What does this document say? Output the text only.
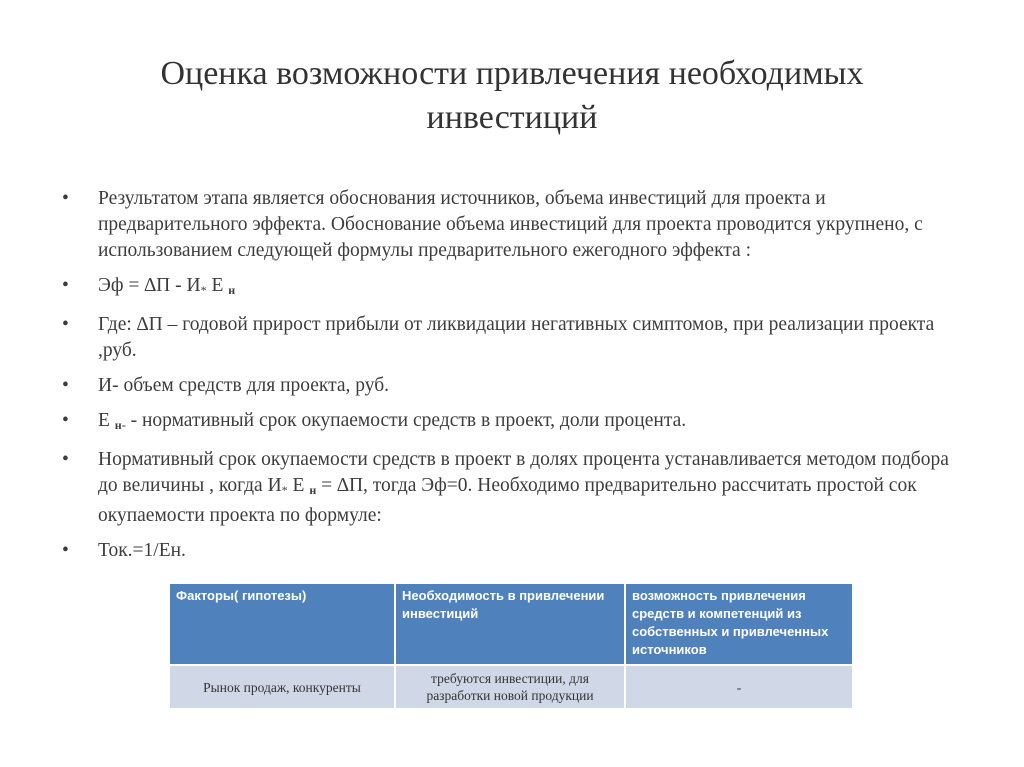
Оценка возможности привлечения необходимых
инвестиций
• Результатом этапа является обоснования источников, объема инвестиций для проекта и предварительного эффекта. Обоснование объема инвестиций для проекта проводится укрупнено, с использованием следующей формулы предварительного ежегодного эффекта :
• Эф = $\Delta П - И_*$ Е $_н$
• Где: ∆П – годовой прирост прибыли от ликвидации негативных симптомов, при реализации проекта ,руб.
• И- объем средств для проекта, руб.
• Е $_{н-}$ - нормативный срок окупаемости средств в проект, доли процента.
• Нормативный срок окупаемости средств в проект в долях процента устанавливается методом подбора до величины , когда $И_*$ Е $_н$ = ∆П, тогда Эф=0. Необходимо предварительно рассчитать простой сок окупаемости проекта по формуле:
• Ток.=1/Ен.
Факторы( гипотезы)	Необходимость в привлечении инвестиций	возможность привлечения средств и компетенций из собственных и привлеченных источников
Рынок продаж, конкуренты	требуются инвестиции, для разработки новой продукции	-
